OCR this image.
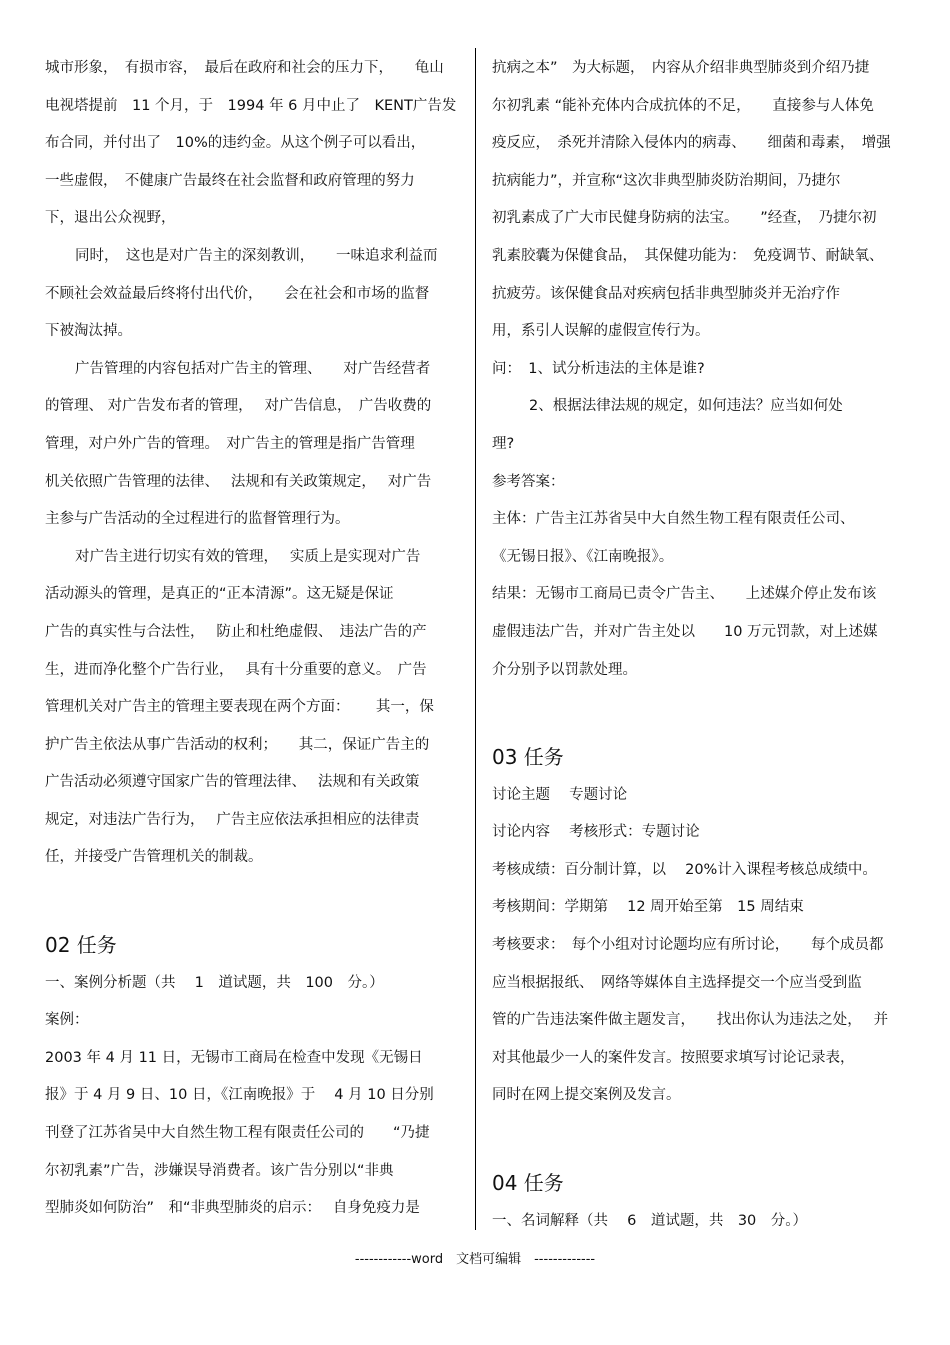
城市形象，　有损市容，　最后在政府和社会的压力下，　　龟山
电视塔提前　11 个月，于　1994 年 6 月中止了　KENT广告发
布合同，并付出了　10%的违约金。从这个例子可以看出，
一些虚假，　不健康广告最终在社会监督和政府管理的努力
下，退出公众视野，
同时，　这也是对广告主的深刻教训，　　一味追求利益而
不顾社会效益最后终将付出代价，　　会在社会和市场的监督
下被淘汰掉。
广告管理的内容包括对广告主的管理、　　对广告经营者
的管理、 对广告发布者的管理，　 对广告信息，　广告收费的
管理，对户外广告的管理。　对广告主的管理是指广告管理
机关依照广告管理的法律、　 法规和有关政策规定，　 对广告
主参与广告活动的全过程进行的监督管理行为。
对广告主进行切实有效的管理，　 实质上是实现对广告
活动源头的管理，是真正的“正本清源”。这无疑是保证
广告的真实性与合法性，　 防止和杜绝虚假、　违法广告的产
生，进而净化整个广告行业，　 具有十分重要的意义。　广告
管理机关对广告主的管理主要表现在两个方面：　　 其一，保
护广告主依法从事广告活动的权利；　　其二，保证广告主的
广告活动必须遵守国家广告的管理法律、　 法规和有关政策
规定，对违法广告行为，　 广告主应依法承担相应的法律责
任，并接受广告管理机关的制裁。
02 任务
一、案例分析题（共　 1　道试题，共　100　分。）
案例：
2003 年 4 月 11 日，无锡市工商局在检查中发现《无锡日
报》于 4 月 9 日、10 日，《江南晚报》于　 4 月 10 日分别
刊登了江苏省吴中大自然生物工程有限责任公司的　　“乃捷
尔初乳素”广告，涉嫌误导消费者。该广告分别以“非典
型肺炎如何防治”　和“非典型肺炎的启示：　 自身免疫力是
抗病之本”　为大标题，　内容从介绍非典型肺炎到介绍乃捷
尔初乳素 “能补充体内合成抗体的不足，　　直接参与人体免
疫反应，　杀死并清除入侵体内的病毒、　　细菌和毒素，　增强
抗病能力”，并宣称“这次非典型肺炎防治期间，乃捷尔
初乳素成了广大市民健身防病的法宝。　　”经查，　乃捷尔初
乳素胶囊为保健食品，　其保健功能为：　免疫调节、耐缺氧、
抗疲劳。该保健食品对疾病包括非典型肺炎并无治疗作
用，系引人误解的虚假宣传行为。
问：　1、试分析违法的主体是谁?
2、根据法律法规的规定，如何违法？应当如何处
理?
参考答案：
主体：广告主江苏省吴中大自然生物工程有限责任公司、
《无锡日报》、《江南晚报》。
结果：无锡市工商局已责令广告主、　　上述媒介停止发布该
虚假违法广告，并对广告主处以　　10 万元罚款，对上述媒
介分别予以罚款处理。
03 任务
讨论主题　 专题讨论
讨论内容　 考核形式：专题讨论
考核成绩：百分制计算，以　 20%计入课程考核总成绩中。
考核期间：学期第　 12 周开始至第　15 周结束
考核要求：　每个小组对讨论题均应有所讨论，　　每个成员都
应当根据报纸、　网络等媒体自主选择提交一个应当受到监
管的广告违法案件做主题发言，　　找出你认为违法之处，　 并
对其他最少一人的案件发言。按照要求填写讨论记录表，
同时在网上提交案例及发言。
04 任务
一、名词解释（共　 6　道试题，共　30　分。）
------------word　文档可编辑　-------------
